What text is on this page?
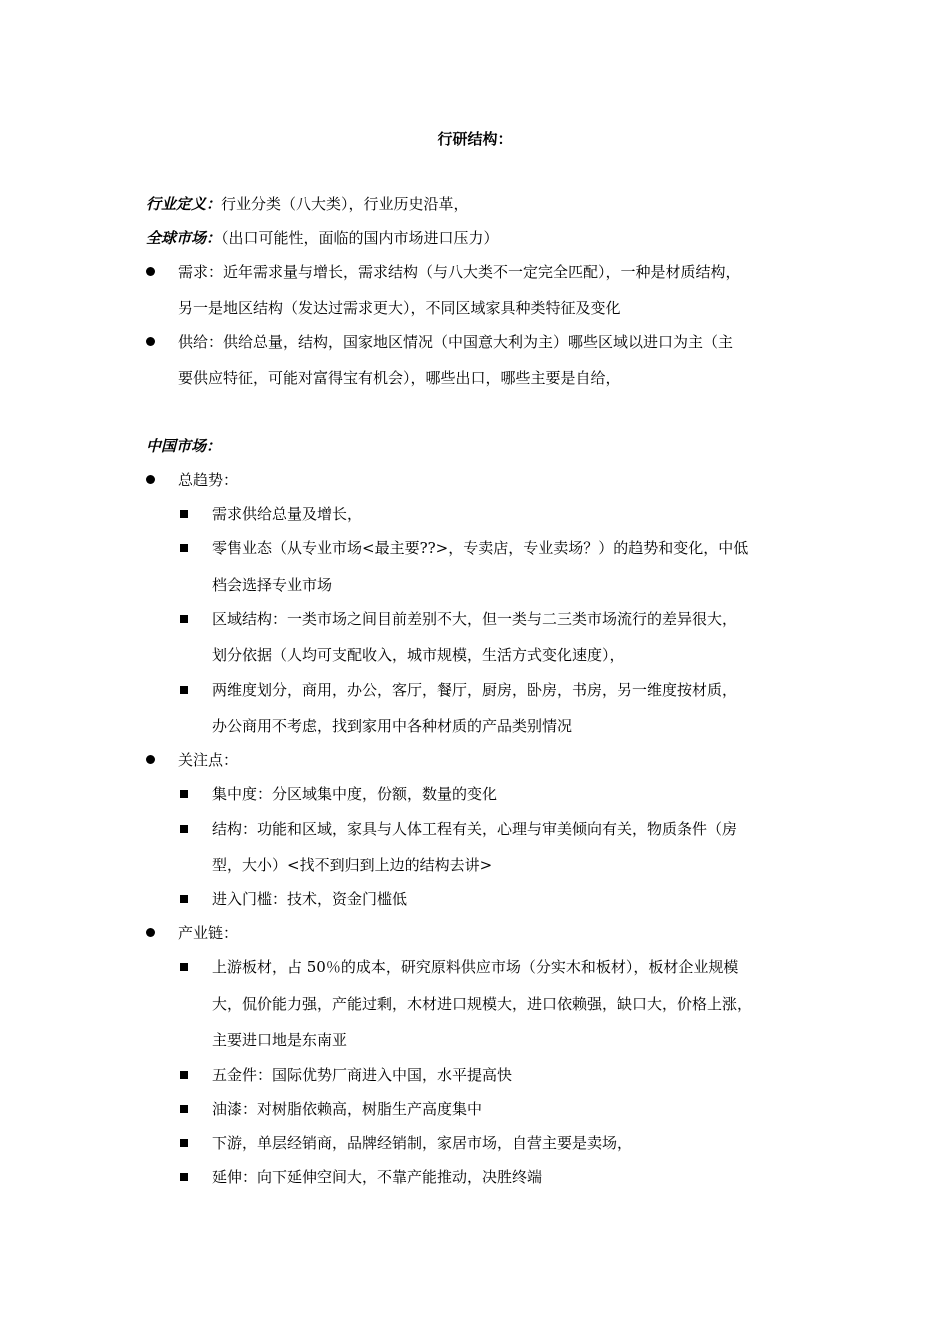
行研结构：
行业定义：行业分类（八大类），行业历史沿革，
全球市场：（出口可能性，面临的国内市场进口压力）
需求：近年需求量与增长，需求结构（与八大类不一定完全匹配），一种是材质结构，
另一是地区结构（发达过需求更大），不同区域家具种类特征及变化
供给：供给总量，结构，国家地区情况（中国意大利为主）哪些区域以进口为主（主
要供应特征，可能对富得宝有机会），哪些出口，哪些主要是自给，
中国市场：
总趋势：
需求供给总量及增长，
零售业态（从专业市场<最主要??>，专卖店，专业卖场？）的趋势和变化，中低
档会选择专业市场
区域结构：一类市场之间目前差别不大，但一类与二三类市场流行的差异很大，
划分依据（人均可支配收入，城市规模，生活方式变化速度），
两维度划分，商用，办公，客厅，餐厅，厨房，卧房，书房，另一维度按材质，
办公商用不考虑，找到家用中各种材质的产品类别情况
关注点：
集中度：分区域集中度，份额，数量的变化
结构：功能和区域，家具与人体工程有关，心理与审美倾向有关，物质条件（房
型，大小）<找不到归到上边的结构去讲>
进入门槛：技术，资金门槛低
产业链：
上游板材，占 50％的成本，研究原料供应市场（分实木和板材），板材企业规模
大，侃价能力强，产能过剩，木材进口规模大，进口依赖强，缺口大，价格上涨，
主要进口地是东南亚
五金件：国际优势厂商进入中国，水平提高快
油漆：对树脂依赖高，树脂生产高度集中
下游，单层经销商，品牌经销制，家居市场，自营主要是卖场，
延伸：向下延伸空间大，不靠产能推动，决胜终端
